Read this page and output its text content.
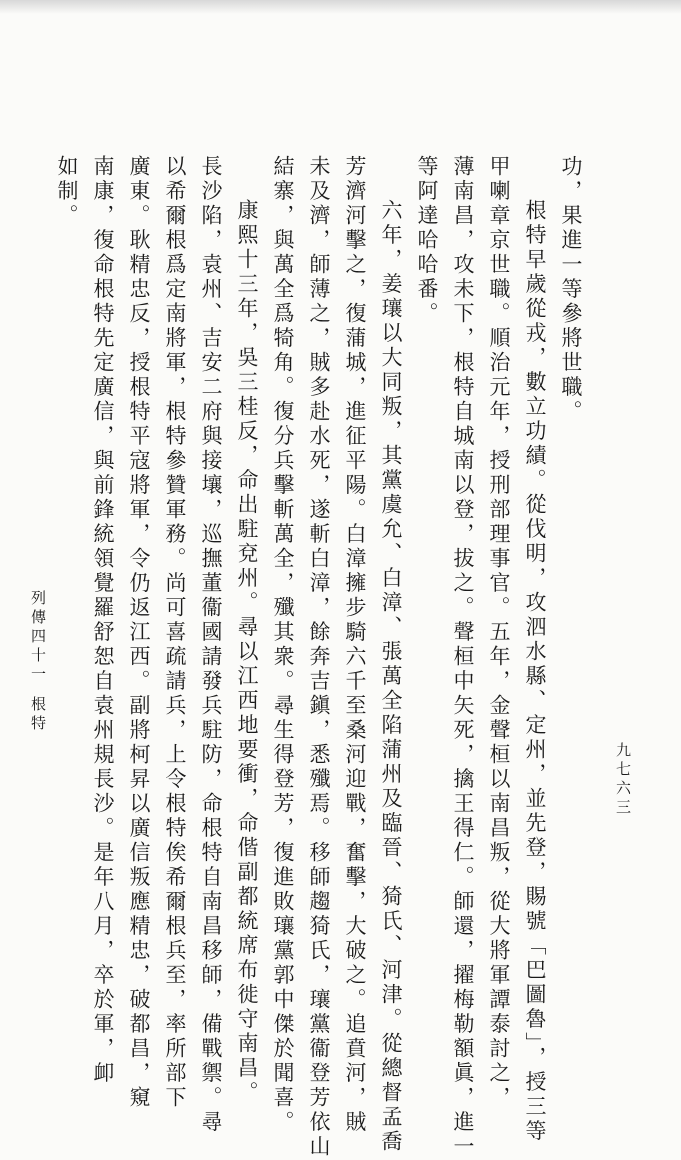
九七六三
列傳四十一
根特
功，果進一等參將世職。
根特早歲從戎，數立功績。從伐明，攻泗水縣、定州，並先登，賜號「巴圖魯」，授三等
甲喇章京世職。順治元年，授刑部理事官。五年，金聲桓以南昌叛，從大將軍譚泰討之，
薄南昌，攻未下，根特自城南以登，拔之。聲桓中矢死，擒王得仁。師還，擢梅勒額眞，進一
等阿達哈哈番。
六年，姜瓖以大同叛，其黨虞允、白漳、張萬全陷蒲州及臨晉、猗氏、河津。從總督孟喬
芳濟河擊之，復蒲城，進征平陽。白漳擁步騎六千至桑河迎戰，奮擊，大破之。追賁河，賊
未及濟，師薄之，賊多赴水死，遂斬白漳，餘奔吉鎭，悉殲焉。移師趨猗氏，瓖黨衞登芳依山
結寨，與萬全爲犄角。復分兵擊斬萬全，殲其衆。尋生得登芳，復進敗瓖黨郭中傑於聞喜。
康熙十三年，吳三桂反，命出駐兗州。尋以江西地要衝，命偕副都統席布徙守南昌。
長沙陷，袁州、吉安二府與接壤，巡撫董衞國請發兵駐防，命根特自南昌移師，備戰禦。尋
以希爾根爲定南將軍，根特參贊軍務。尚可喜疏請兵，上令根特俟希爾根兵至，率所部下
廣東。耿精忠反，授根特平寇將軍，令仍返江西。副將柯昇以廣信叛應精忠，破都昌，窺
南康，復命根特先定廣信，與前鋒統領覺羅舒恕自袁州規長沙。是年八月，卒於軍，卹
如制。
